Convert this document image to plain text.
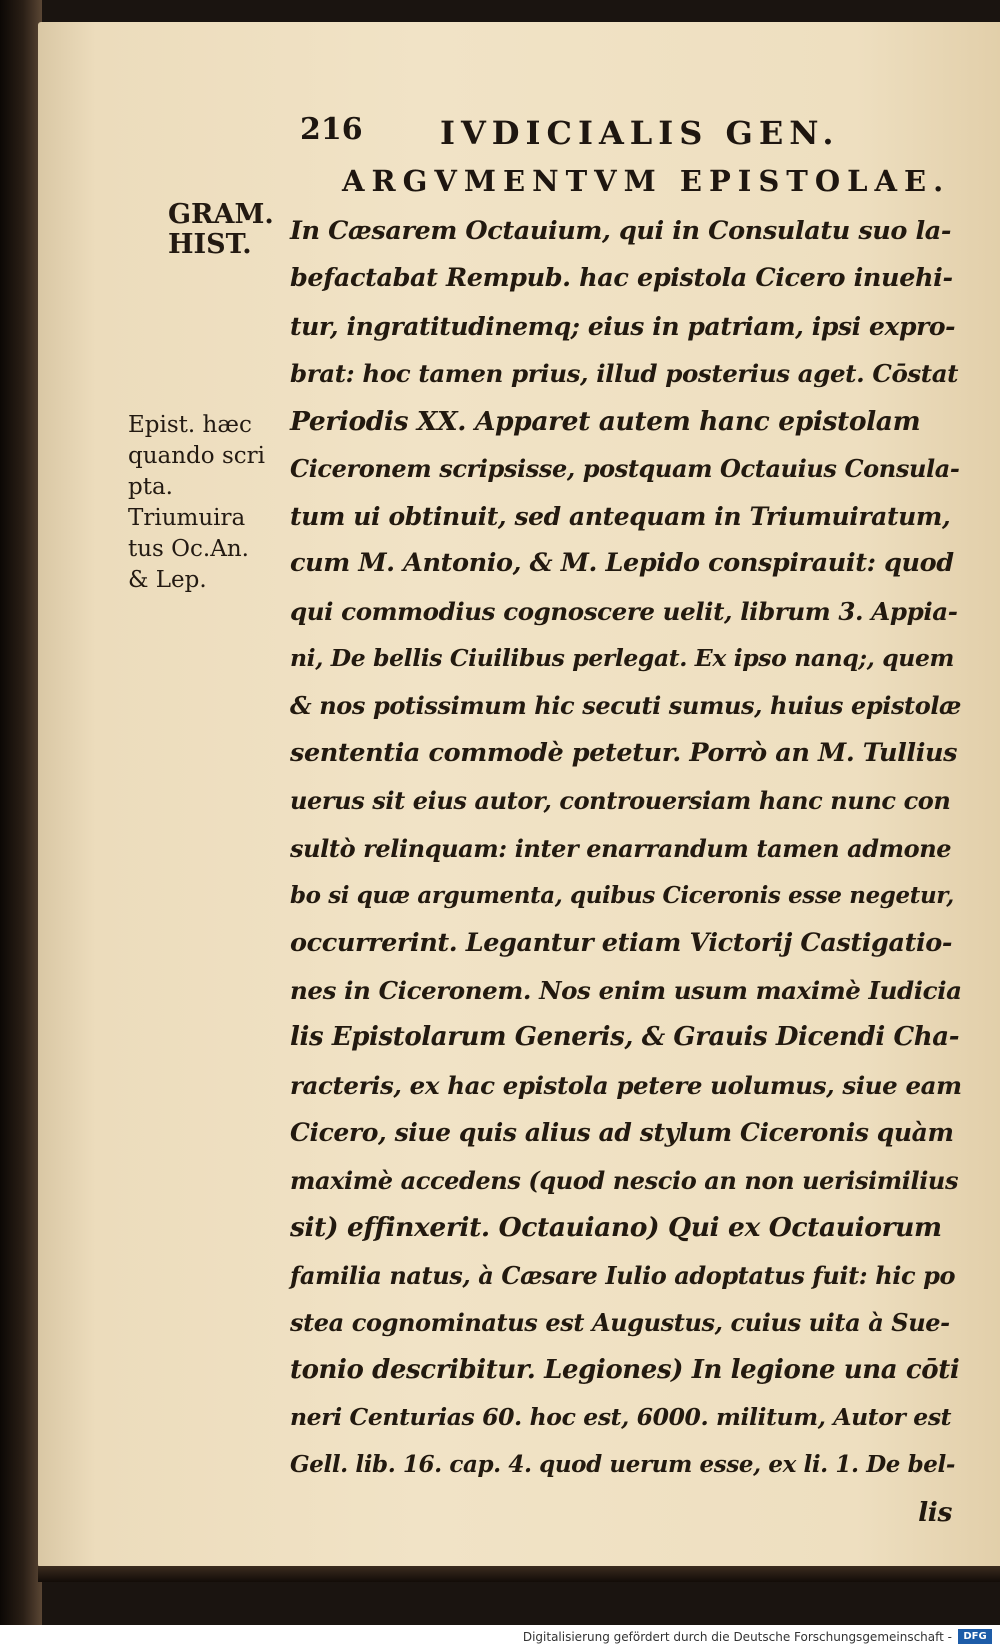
216 IVDICIALIS GEN.
ARGVMENTVM EPISTOLAE.
GRAM.
HIST.
Epist. hæc
quando scri
pta.
Triumuira
tus Oc.An.
& Lep.
In Cæsarem Octauium, qui in Consulatu suo la-
befactabat Rempub. hac epistola Cicero inuehi-
tur, ingratitudinemq; eius in patriam, ipsi expro-
brat: hoc tamen prius, illud posterius aget. Cōstat
Periodis XX. Apparet autem hanc epistolam
Ciceronem scripsisse, postquam Octauius Consula-
tum ui obtinuit, sed antequam in Triumuiratum,
cum M. Antonio, & M. Lepido conspirauit: quod
qui commodius cognoscere uelit, librum 3. Appia-
ni, De bellis Ciuilibus perlegat. Ex ipso nanq;, quem
& nos potissimum hic secuti sumus, huius epistolæ
sententia commodè petetur. Porrò an M. Tullius
uerus sit eius autor, controuersiam hanc nunc con
sultò relinquam: inter enarrandum tamen admone
bo si quæ argumenta, quibus Ciceronis esse negetur,
occurrerint. Legantur etiam Victorij Castigatio-
nes in Ciceronem. Nos enim usum maximè Iudicia
lis Epistolarum Generis, & Grauis Dicendi Cha-
racteris, ex hac epistola petere uolumus, siue eam
Cicero, siue quis alius ad stylum Ciceronis quàm
maximè accedens (quod nescio an non uerisimilius
sit) effinxerit. Octauiano) Qui ex Octauiorum
familia natus, à Cæsare Iulio adoptatus fuit: hic po
stea cognominatus est Augustus, cuius uita à Sue-
tonio describitur. Legiones) In legione una cōti
neri Centurias 60. hoc est, 6000. militum, Autor est
Gell. lib. 16. cap. 4. quod uerum esse, ex li. 1. De bel-
lis
Digitalisierung gefördert durch die Deutsche Forschungsgemeinschaft -	DFG
